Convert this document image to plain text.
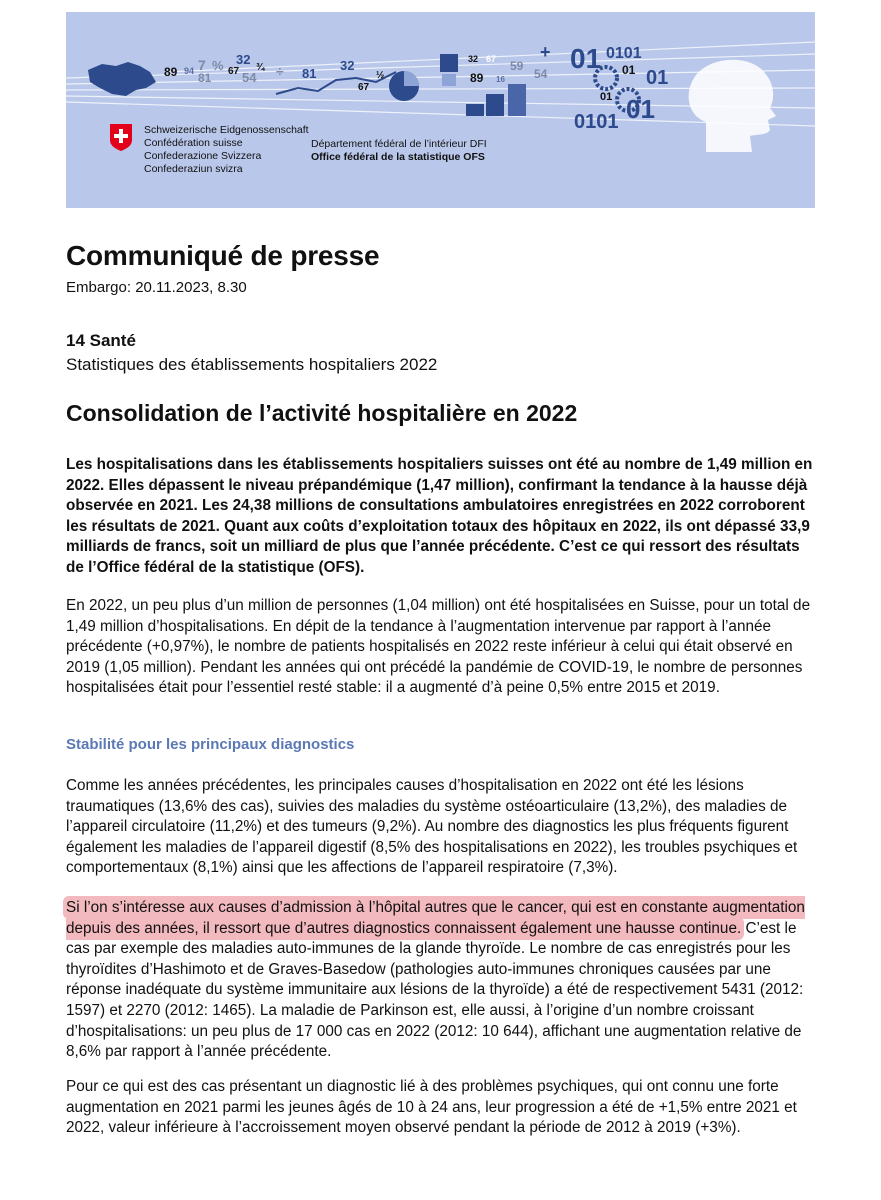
89 94 7 %
81 67
32
¾
54 ÷ 81
32
½
67
32 67 59
89 16 54
+ 01 0101
01 01
0101 01
01
Schweizerische Eidgenossenschaft
Confédération suisse
Confederazione Svizzera
Confederaziun svizra
Département fédéral de l’intérieur DFI
Office fédéral de la statistique OFS
Communiqué de presse
Embargo: 20.11.2023, 8.30
14 Santé
Statistiques des établissements hospitaliers 2022
Consolidation de l’activité hospitalière en 2022

Les hospitalisations dans les établissements hospitaliers suisses ont été au nombre de 1,49 million en 2022. Elles dépassent le niveau prépandémique (1,47 million), confirmant la tendance à la hausse déjà observée en 2021. Les 24,38 millions de consultations ambulatoires enregistrées en 2022 corroborent les résultats de 2021. Quant aux coûts d’exploitation totaux des hôpitaux en 2022, ils ont dépassé 33,9 milliards de francs, soit un milliard de plus que l’année précédente. C’est ce qui ressort des résultats de l’Office fédéral de la statistique (OFS).

En 2022, un peu plus d’un million de personnes (1,04 million) ont été hospitalisées en Suisse, pour un total de 1,49 million d’hospitalisations. En dépit de la tendance à l’augmentation intervenue par rapport à l’année précédente (+0,97%), le nombre de patients hospitalisés en 2022 reste inférieur à celui qui était observé en 2019 (1,05 million). Pendant les années qui ont précédé la pandémie de COVID-19, le nombre de personnes hospitalisées était pour l’essentiel resté stable: il a augmenté d’à peine 0,5% entre 2015 et 2019.

Stabilité pour les principaux diagnostics

Comme les années précédentes, les principales causes d’hospitalisation en 2022 ont été les lésions traumatiques (13,6% des cas), suivies des maladies du système ostéoarticulaire (13,2%), des maladies de l’appareil circulatoire (11,2%) et des tumeurs (9,2%). Au nombre des diagnostics les plus fréquents figurent également les maladies de l’appareil digestif (8,5% des hospitalisations en 2022), les troubles psychiques et comportementaux (8,1%) ainsi que les affections de l’appareil respiratoire (7,3%).

Si l’on s’intéresse aux causes d’admission à l’hôpital autres que le cancer, qui est en constante augmentation depuis des années, il ressort que d’autres diagnostics connaissent également une hausse continue. C’est le cas par exemple des maladies auto-immunes de la glande thyroïde. Le nombre de cas enregistrés pour les thyroïdites d’Hashimoto et de Graves-Basedow (pathologies auto-immunes chroniques causées par une réponse inadéquate du système immunitaire aux lésions de la thyroïde) a été de respectivement 5431 (2012: 1597) et 2270 (2012: 1465). La maladie de Parkinson est, elle aussi, à l’origine d’un nombre croissant d’hospitalisations: un peu plus de 17 000 cas en 2022 (2012: 10 644), affichant une augmentation relative de 8,6% par rapport à l’année précédente.

Pour ce qui est des cas présentant un diagnostic lié à des problèmes psychiques, qui ont connu une forte augmentation en 2021 parmi les jeunes âgés de 10 à 24 ans, leur progression a été de +1,5% entre 2021 et 2022, valeur inférieure à l’accroissement moyen observé pendant la période de 2012 à 2019 (+3%).
